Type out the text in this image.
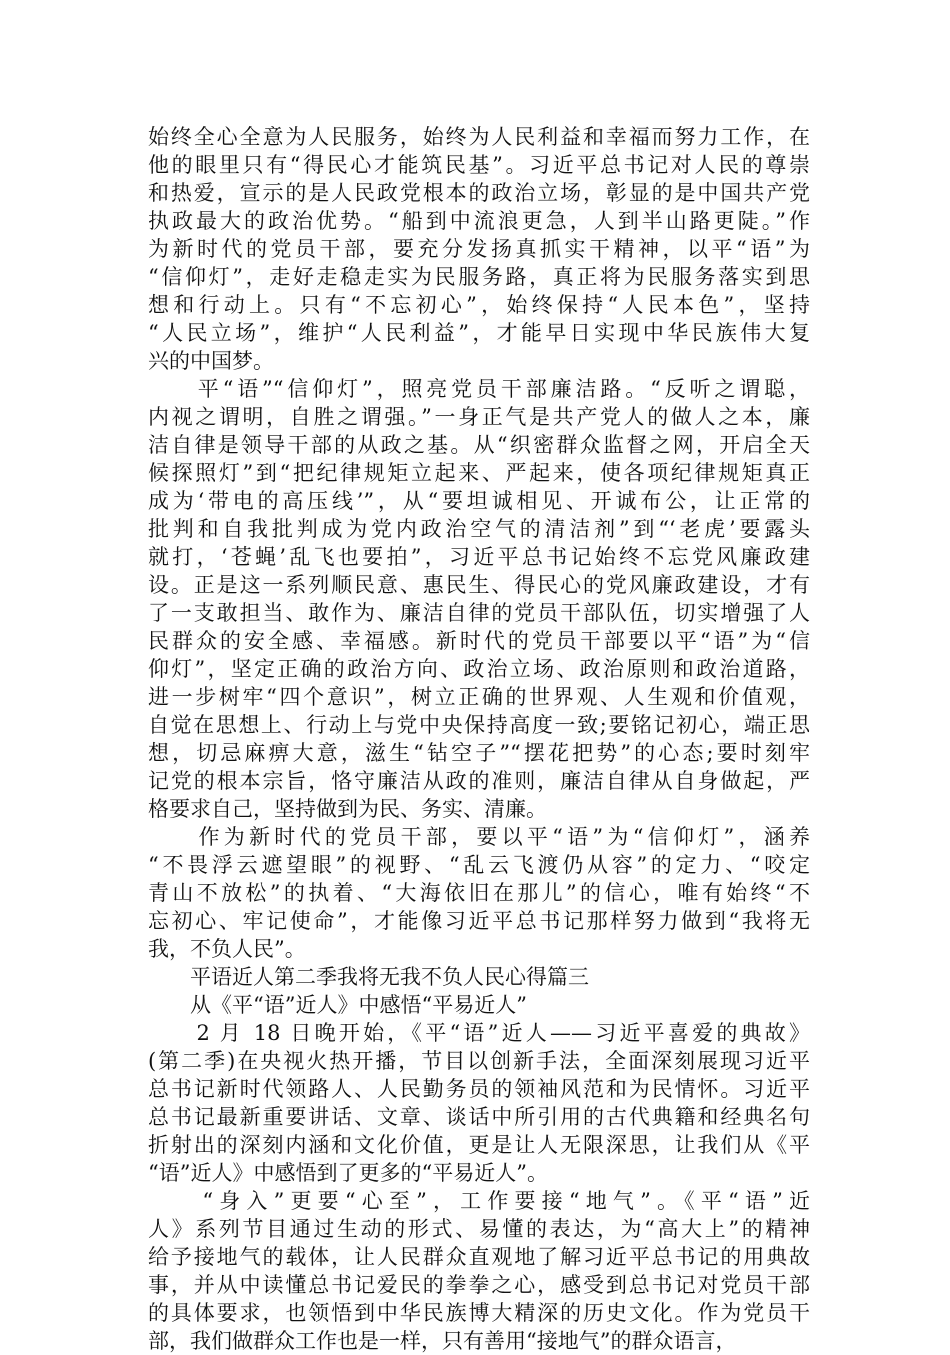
始终全心全意为人民服务，始终为人民利益和幸福而努力工作，在
他的眼里只有“得民心才能筑民基”。习近平总书记对人民的尊崇
和热爱，宣示的是人民政党根本的政治立场，彰显的是中国共产党
执政最大的政治优势。“船到中流浪更急，人到半山路更陡。”作
为新时代的党员干部，要充分发扬真抓实干精神，以平“语”为
“信仰灯”，走好走稳走实为民服务路，真正将为民服务落实到思
想和行动上。只有“不忘初心”，始终保持“人民本色”，坚持
“人民立场”，维护“人民利益”，才能早日实现中华民族伟大复
兴的中国梦。
　　平“语”“信仰灯”，照亮党员干部廉洁路。“反听之谓聪，
内视之谓明，自胜之谓强。”一身正气是共产党人的做人之本，廉
洁自律是领导干部的从政之基。从“织密群众监督之网，开启全天
候探照灯”到“把纪律规矩立起来、严起来，使各项纪律规矩真正
成为‘带电的高压线’”，从“要坦诚相见、开诚布公，让正常的
批判和自我批判成为党内政治空气的清洁剂”到“‘老虎’要露头
就打，‘苍蝇’乱飞也要拍”，习近平总书记始终不忘党风廉政建
设。正是这一系列顺民意、惠民生、得民心的党风廉政建设，才有
了一支敢担当、敢作为、廉洁自律的党员干部队伍，切实增强了人
民群众的安全感、幸福感。新时代的党员干部要以平“语”为“信
仰灯”，坚定正确的政治方向、政治立场、政治原则和政治道路，
进一步树牢“四个意识”，树立正确的世界观、人生观和价值观，
自觉在思想上、行动上与党中央保持高度一致;要铭记初心，端正思
想，切忌麻痹大意，滋生“钻空子”“摆花把势”的心态;要时刻牢
记党的根本宗旨，恪守廉洁从政的准则，廉洁自律从自身做起，严
格要求自己，坚持做到为民、务实、清廉。
　　作为新时代的党员干部，要以平“语”为“信仰灯”，涵养
“不畏浮云遮望眼”的视野、“乱云飞渡仍从容”的定力、“咬定
青山不放松”的执着、“大海依旧在那儿”的信心，唯有始终“不
忘初心、牢记使命”，才能像习近平总书记那样努力做到“我将无
我，不负人民”。
　　平语近人第二季我将无我不负人民心得篇三
　　从《平“语”近人》中感悟“平易近人”
　　2 月 18 日晚开始，《平“语”近人——习近平喜爱的典故》
(第二季)在央视火热开播，节目以创新手法，全面深刻展现习近平
总书记新时代领路人、人民勤务员的领袖风范和为民情怀。习近平
总书记最新重要讲话、文章、谈话中所引用的古代典籍和经典名句
折射出的深刻内涵和文化价值，更是让人无限深思，让我们从《平
“语”近人》中感悟到了更多的“平易近人”。
　　“身入”更要“心至”，工作要接“地气”。《平“语”近
人》系列节目通过生动的形式、易懂的表达，为“高大上”的精神
给予接地气的载体，让人民群众直观地了解习近平总书记的用典故
事，并从中读懂总书记爱民的拳拳之心，感受到总书记对党员干部
的具体要求，也领悟到中华民族博大精深的历史文化。作为党员干
部，我们做群众工作也是一样，只有善用“接地气”的群众语言，
